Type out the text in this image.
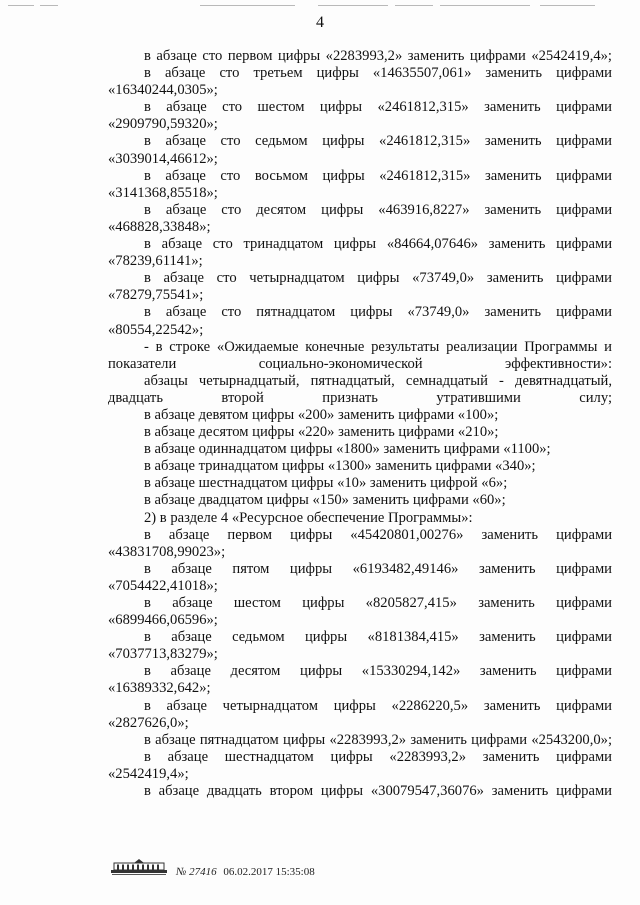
4

в абзаце сто первом цифры «2283993,2» заменить цифрами «2542419,4»;

в абзаце сто третьем цифры «14635507,061» заменить цифрами «16340244,0305»;

в абзаце сто шестом цифры «2461812,315» заменить цифрами «2909790,59320»;

в абзаце сто седьмом цифры «2461812,315» заменить цифрами «3039014,46612»;

в абзаце сто восьмом цифры «2461812,315» заменить цифрами «3141368,85518»;

в абзаце сто десятом цифры «463916,8227» заменить цифрами «468828,33848»;

в абзаце сто тринадцатом цифры «84664,07646» заменить цифрами «78239,61141»;

в абзаце сто четырнадцатом цифры «73749,0» заменить цифрами «78279,75541»;

в абзаце сто пятнадцатом цифры «73749,0» заменить цифрами «80554,22542»;

- в строке «Ожидаемые конечные результаты реализации Программы и показатели социально-экономической эффективности»:

абзацы четырнадцатый, пятнадцатый, семнадцатый - девятнадцатый, двадцать второй признать утратившими силу;

в абзаце девятом цифры «200» заменить цифрами «100»;

в абзаце десятом цифры «220» заменить цифрами «210»;

в абзаце одиннадцатом цифры «1800» заменить цифрами «1100»;

в абзаце тринадцатом цифры «1300» заменить цифрами «340»;

в абзаце шестнадцатом цифры «10» заменить цифрой «6»;

в абзаце двадцатом цифры «150» заменить цифрами «60»;

2) в разделе 4 «Ресурсное обеспечение Программы»:

в абзаце первом цифры «45420801,00276» заменить цифрами «43831708,99023»;

в абзаце пятом цифры «6193482,49146» заменить цифрами «7054422,41018»;

в абзаце шестом цифры «8205827,415» заменить цифрами «6899466,06596»;

в абзаце седьмом цифры «8181384,415» заменить цифрами «7037713,83279»;

в абзаце десятом цифры «15330294,142» заменить цифрами «16389332,642»;

в абзаце четырнадцатом цифры «2286220,5» заменить цифрами «2827626,0»;

в абзаце пятнадцатом цифры «2283993,2» заменить цифрами «2543200,0»;

в абзаце шестнадцатом цифры «2283993,2» заменить цифрами «2542419,4»;

в абзаце двадцать втором цифры «30079547,36076» заменить цифрами

№ 27416 06.02.2017 15:35:08
